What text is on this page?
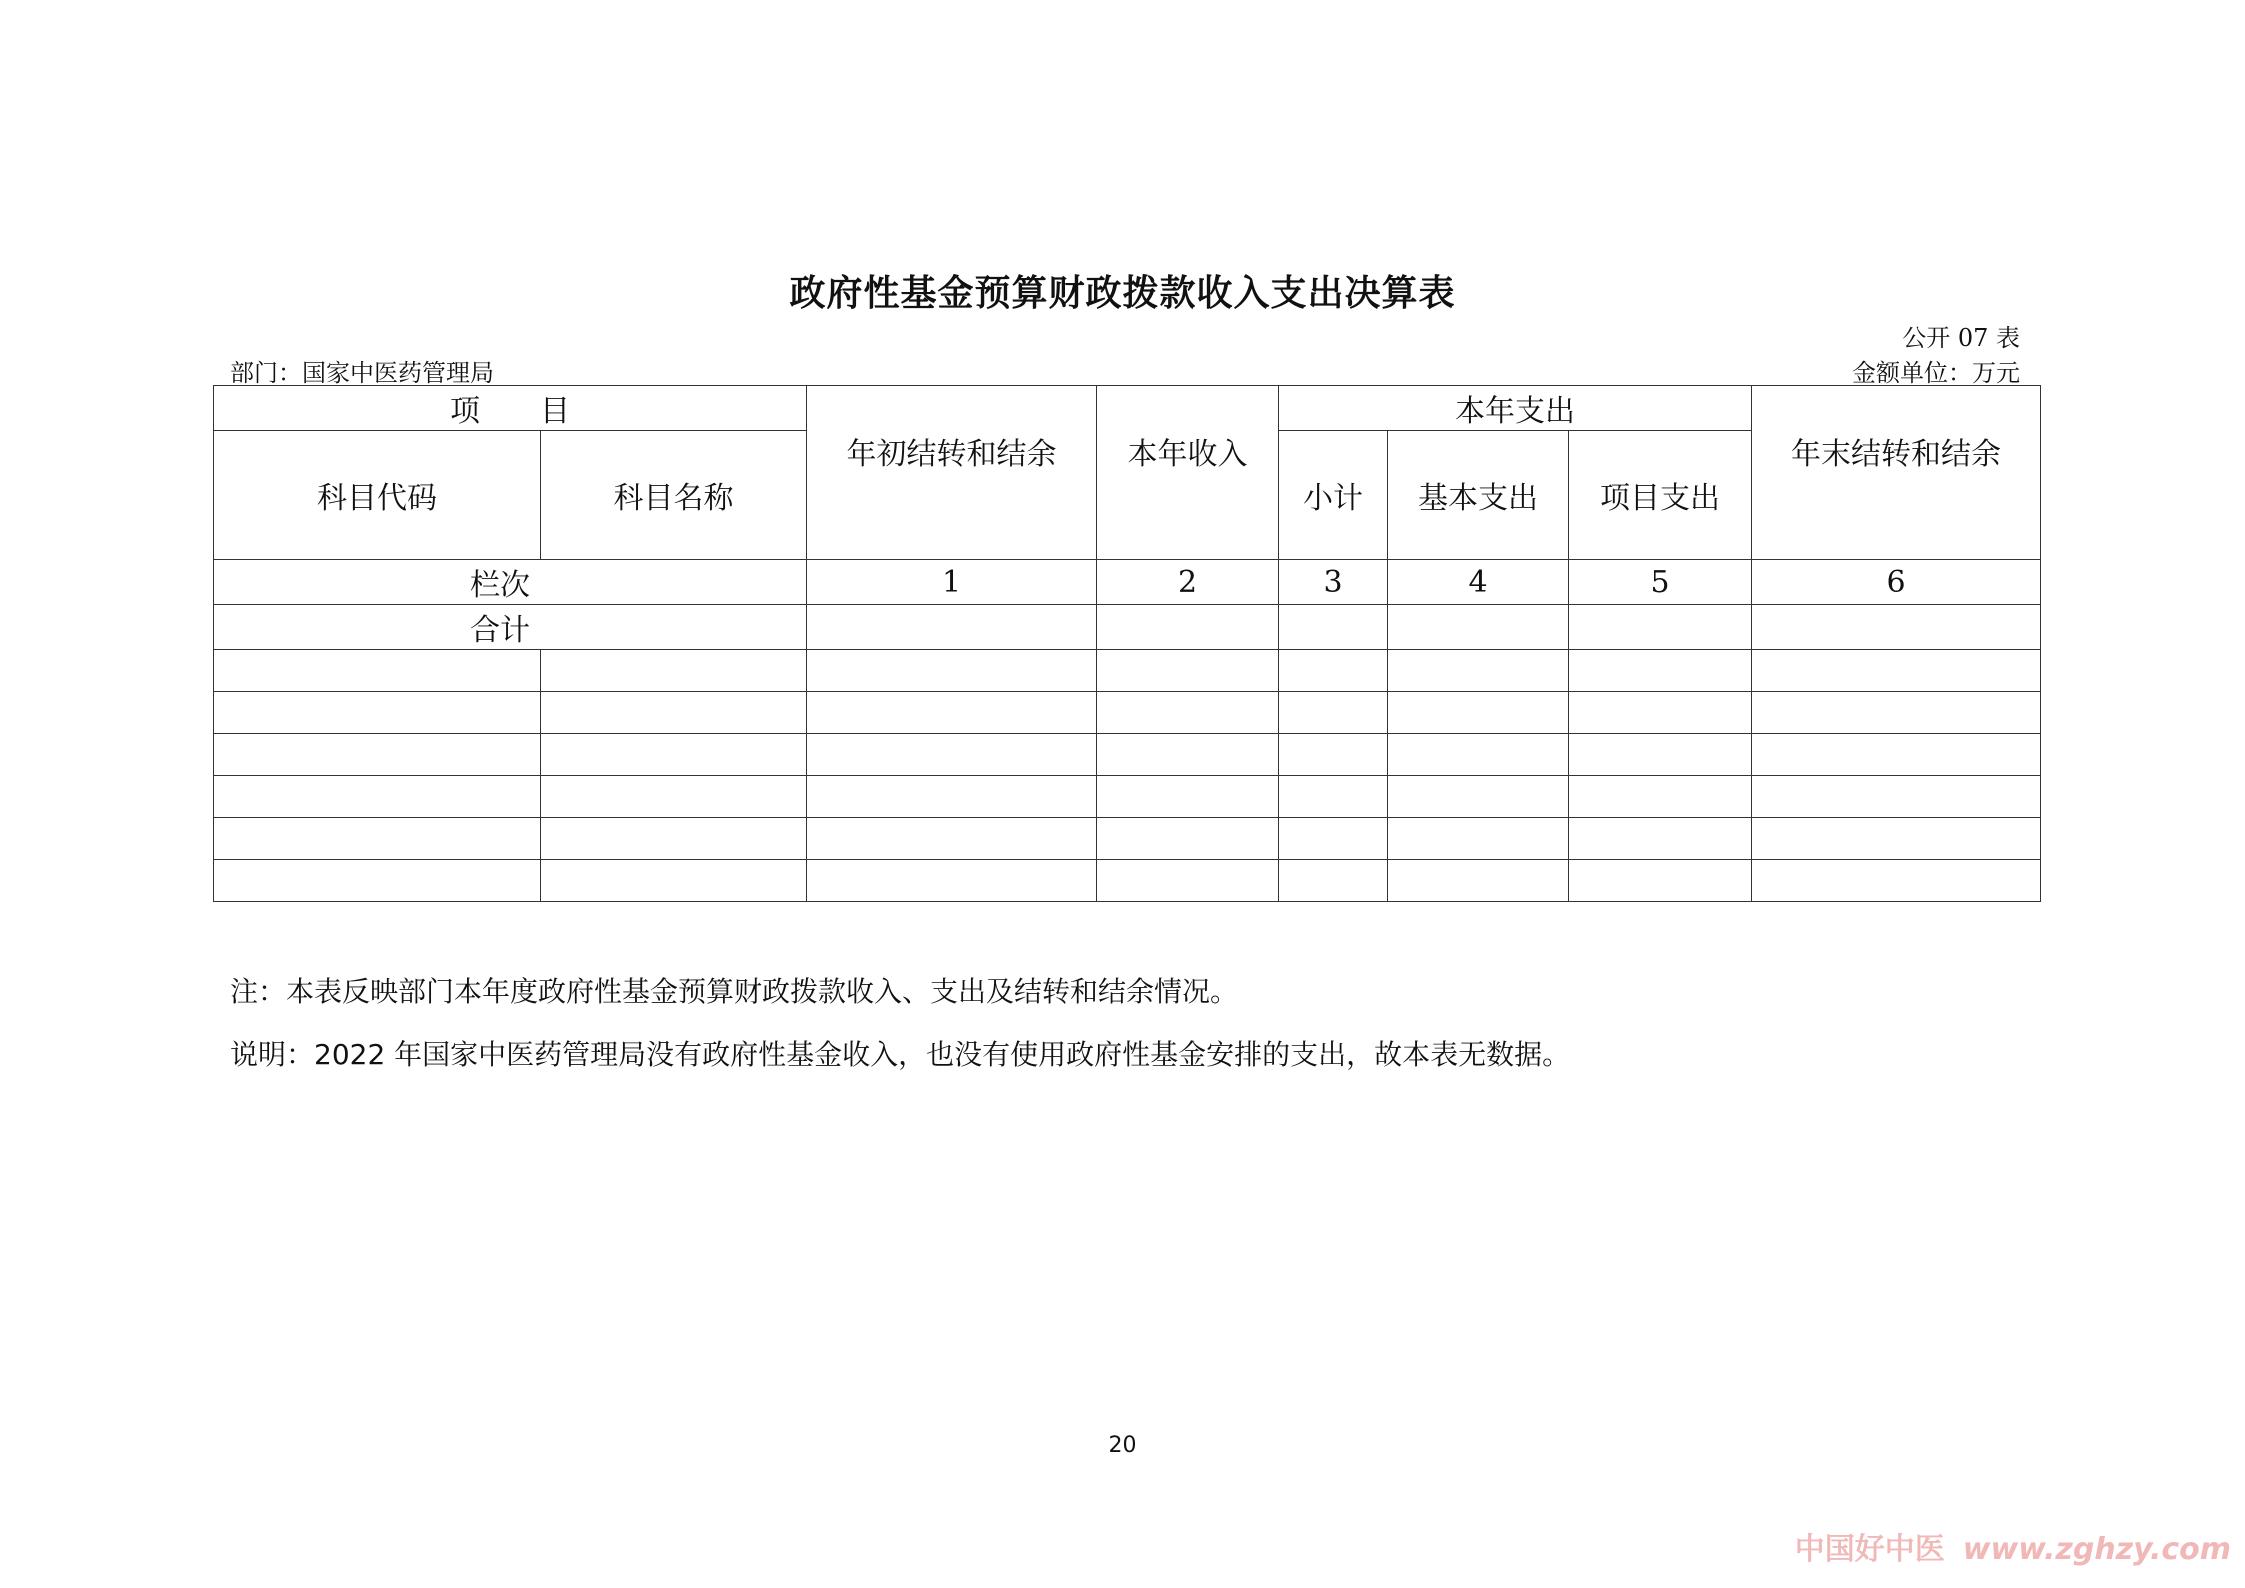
政府性基金预算财政拨款收入支出决算表
公开 07 表
部门：国家中医药管理局	金额单位：万元
项　　目		年初结转和结余	本年收入	本年支出			年末结转和结余
科目代码	科目名称			小计	基本支出	项目支出	
栏次		1	2	3	4	5	6
合计							

注：本表反映部门本年度政府性基金预算财政拨款收入、支出及结转和结余情况。
说明：2022 年国家中医药管理局没有政府性基金收入，也没有使用政府性基金安排的支出，故本表无数据。
20
中国好中医 www.zghzy.com
